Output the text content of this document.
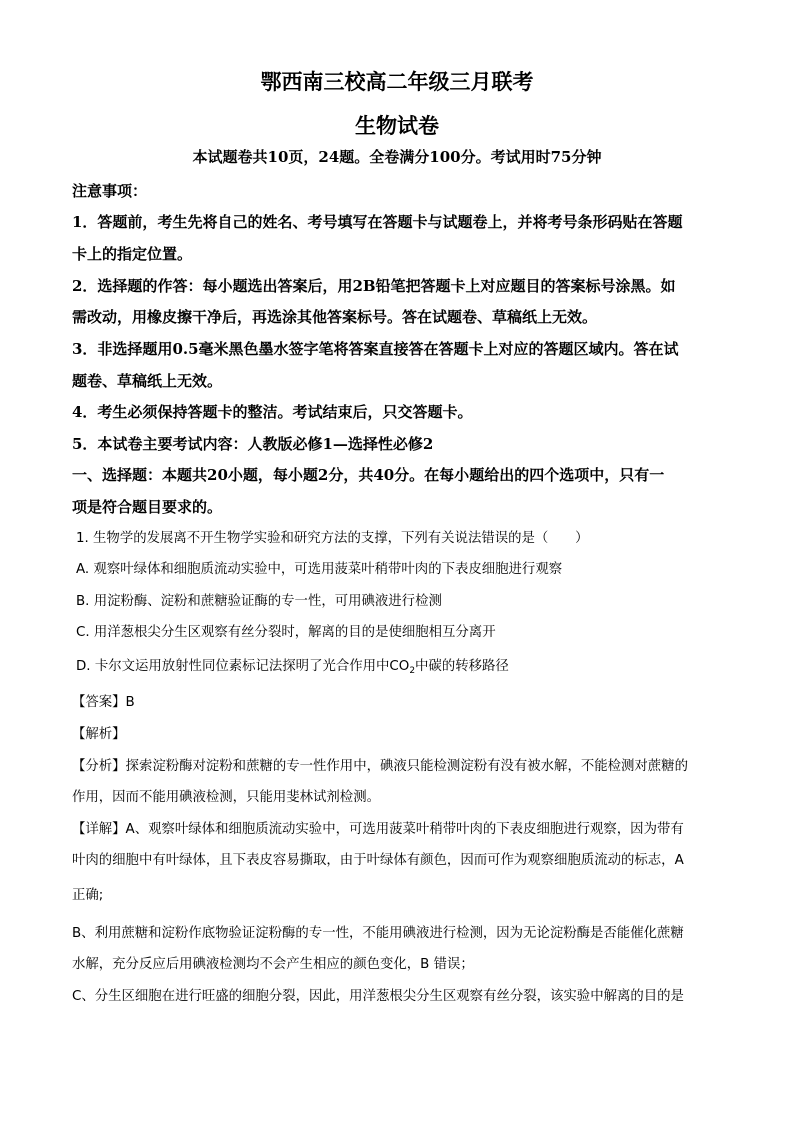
鄂西南三校高二年级三月联考
生物试卷
本试题卷共10页，24题。全卷满分100分。考试用时75分钟
注意事项：
1．答题前，考生先将自己的姓名、考号填写在答题卡与试题卷上，并将考号条形码贴在答题
卡上的指定位置。
2．选择题的作答：每小题选出答案后，用2B铅笔把答题卡上对应题目的答案标号涂黑。如
需改动，用橡皮擦干净后，再选涂其他答案标号。答在试题卷、草稿纸上无效。
3．非选择题用0.5毫米黑色墨水签字笔将答案直接答在答题卡上对应的答题区域内。答在试
题卷、草稿纸上无效。
4．考生必须保持答题卡的整洁。考试结束后，只交答题卡。
5．本试卷主要考试内容：人教版必修1—选择性必修2
一、选择题：本题共20小题，每小题2分，共40分。在每小题给出的四个选项中，只有一
项是符合题目要求的。
1. 生物学的发展离不开生物学实验和研究方法的支撑，下列有关说法错误的是（　　）
A. 观察叶绿体和细胞质流动实验中，可选用菠菜叶稍带叶肉的下表皮细胞进行观察
B. 用淀粉酶、淀粉和蔗糖验证酶的专一性，可用碘液进行检测
C. 用洋葱根尖分生区观察有丝分裂时，解离的目的是使细胞相互分离开
D. 卡尔文运用放射性同位素标记法探明了光合作用中$CO_2$中碳的转移路径
【答案】B
【解析】
【分析】探索淀粉酶对淀粉和蔗糖的专一性作用中，碘液只能检测淀粉有没有被水解，不能检测对蔗糖的
作用，因而不能用碘液检测，只能用斐林试剂检测。
【详解】A、观察叶绿体和细胞质流动实验中，可选用菠菜叶稍带叶肉的下表皮细胞进行观察，因为带有
叶肉的细胞中有叶绿体，且下表皮容易撕取，由于叶绿体有颜色，因而可作为观察细胞质流动的标志，A
正确;
B、利用蔗糖和淀粉作底物验证淀粉酶的专一性，不能用碘液进行检测，因为无论淀粉酶是否能催化蔗糖
水解，充分反应后用碘液检测均不会产生相应的颜色变化，B 错误；
C、分生区细胞在进行旺盛的细胞分裂，因此，用洋葱根尖分生区观察有丝分裂，该实验中解离的目的是
